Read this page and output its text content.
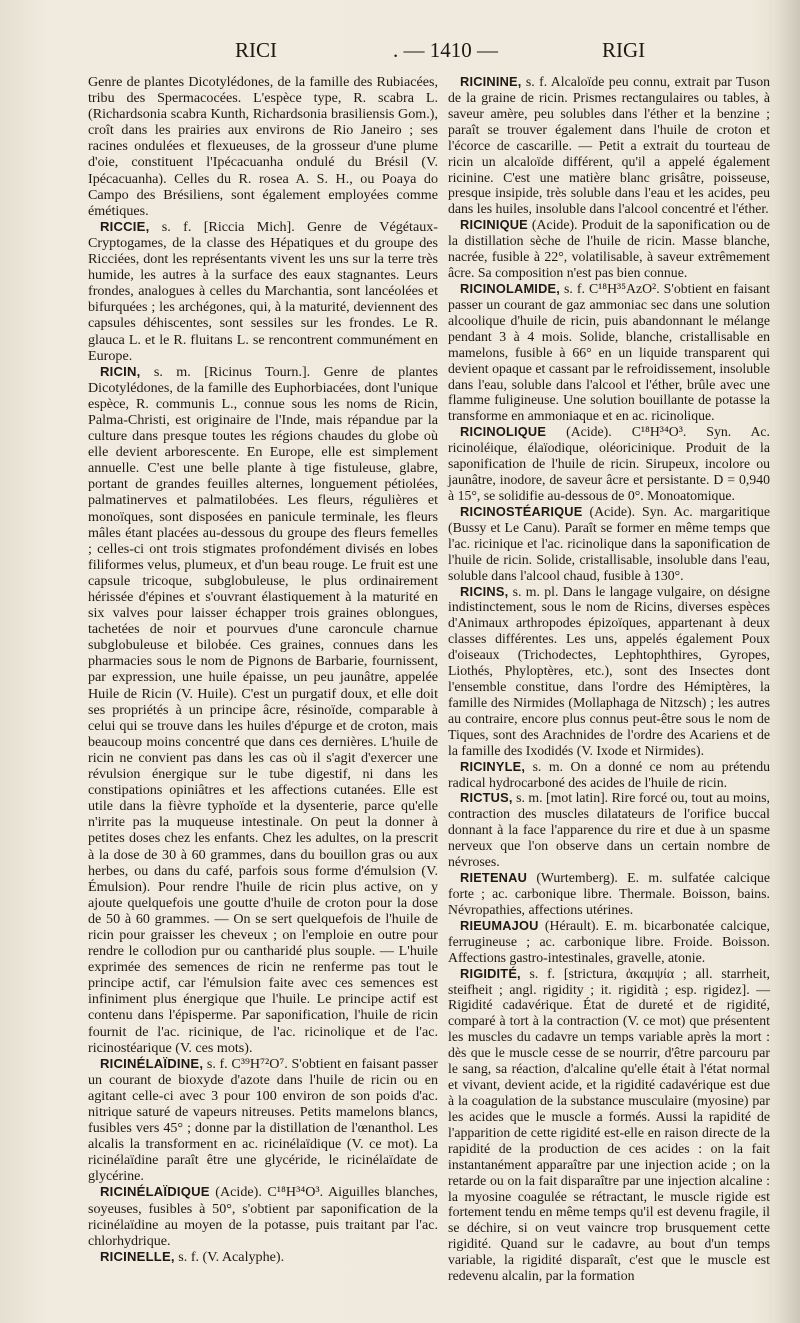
RICI	. — 1410 —	RIGI

Genre de plantes Dicotylédones, de la famille des Rubiacées, tribu des Spermacocées. L'espèce type, R. scabra L. (Richardsonia scabra Kunth, Richardsonia brasiliensis Gom.), croît dans les prairies aux environs de Rio Janeiro ; ses racines ondulées et flexueuses, de la grosseur d'une plume d'oie, constituent l'Ipécacuanha ondulé du Brésil (V. Ipécacuanha). Celles du R. rosea A. S. H., ou Poaya do Campo des Brésiliens, sont également employées comme émétiques.

RICCIE, s. f. [Riccia Mich]. Genre de Végétaux-Cryptogames, de la classe des Hépatiques et du groupe des Ricciées, dont les représentants vivent les uns sur la terre très humide, les autres à la surface des eaux stagnantes. Leurs frondes, analogues à celles du Marchantia, sont lancéolées et bifurquées ; les archégones, qui, à la maturité, deviennent des capsules déhiscentes, sont sessiles sur les frondes. Le R. glauca L. et le R. fluitans L. se rencontrent communément en Europe.

RICIN, s. m. [Ricinus Tourn.]. Genre de plantes Dicotylédones, de la famille des Euphorbiacées, dont l'unique espèce, R. communis L., connue sous les noms de Ricin, Palma-Christi, est originaire de l'Inde, mais répandue par la culture dans presque toutes les régions chaudes du globe où elle devient arborescente. En Europe, elle est simplement annuelle. C'est une belle plante à tige fistuleuse, glabre, portant de grandes feuilles alternes, longuement pétiolées, palmatinerves et palmatilobées. Les fleurs, régulières et monoïques, sont disposées en panicule terminale, les fleurs mâles étant placées au-dessous du groupe des fleurs femelles ; celles-ci ont trois stigmates profondément divisés en lobes filiformes velus, plumeux, et d'un beau rouge. Le fruit est une capsule tricoque, subglobuleuse, le plus ordinairement hérissée d'épines et s'ouvrant élastiquement à la maturité en six valves pour laisser échapper trois graines oblongues, tachetées de noir et pourvues d'une caroncule charnue subglobuleuse et bilobée. Ces graines, connues dans les pharmacies sous le nom de Pignons de Barbarie, fournissent, par expression, une huile épaisse, un peu jaunâtre, appelée Huile de Ricin (V. Huile). C'est un purgatif doux, et elle doit ses propriétés à un principe âcre, résinoïde, comparable à celui qui se trouve dans les huiles d'épurge et de croton, mais beaucoup moins concentré que dans ces dernières. L'huile de ricin ne convient pas dans les cas où il s'agit d'exercer une révulsion énergique sur le tube digestif, ni dans les constipations opiniâtres et les affections cutanées. Elle est utile dans la fièvre typhoïde et la dysenterie, parce qu'elle n'irrite pas la muqueuse intestinale. On peut la donner à petites doses chez les enfants. Chez les adultes, on la prescrit à la dose de 30 à 60 grammes, dans du bouillon gras ou aux herbes, ou dans du café, parfois sous forme d'émulsion (V. Émulsion). Pour rendre l'huile de ricin plus active, on y ajoute quelquefois une goutte d'huile de croton pour la dose de 50 à 60 grammes. — On se sert quelquefois de l'huile de ricin pour graisser les cheveux ; on l'emploie en outre pour rendre le collodion pur ou cantharidé plus souple. — L'huile exprimée des semences de ricin ne renferme pas tout le principe actif, car l'émulsion faite avec ces semences est infiniment plus énergique que l'huile. Le principe actif est contenu dans l'épisperme. Par saponification, l'huile de ricin fournit de l'ac. ricinique, de l'ac. ricinolique et de l'ac. ricinostéarique (V. ces mots).

RICINÉLAÏDINE, s. f. C³⁹H⁷²O⁷. S'obtient en faisant passer un courant de bioxyde d'azote dans l'huile de ricin ou en agitant celle-ci avec 3 pour 100 environ de son poids d'ac. nitrique saturé de vapeurs nitreuses. Petits mamelons blancs, fusibles vers 45° ; donne par la distillation de l'œnanthol. Les alcalis la transforment en ac. ricinélaïdique (V. ce mot). La ricinélaïdine paraît être une glycéride, le ricinélaïdate de glycérine.

RICINÉLAÏDIQUE (Acide). C¹⁸H³⁴O³. Aiguilles blanches, soyeuses, fusibles à 50°, s'obtient par saponification de la ricinélaïdine au moyen de la potasse, puis traitant par l'ac. chlorhydrique.

RICINELLE, s. f. (V. Acalyphe).

RICININE, s. f. Alcaloïde peu connu, extrait par Tuson de la graine de ricin. Prismes rectangulaires ou tables, à saveur amère, peu solubles dans l'éther et la benzine ; paraît se trouver également dans l'huile de croton et l'écorce de cascarille. — Petit a extrait du tourteau de ricin un alcaloïde différent, qu'il a appelé également ricinine. C'est une matière blanc grisâtre, poisseuse, presque insipide, très soluble dans l'eau et les acides, peu dans les huiles, insoluble dans l'alcool concentré et l'éther.

RICINIQUE (Acide). Produit de la saponification ou de la distillation sèche de l'huile de ricin. Masse blanche, nacrée, fusible à 22°, volatilisable, à saveur extrêmement âcre. Sa composition n'est pas bien connue.

RICINOLAMIDE, s. f. C¹⁸H³⁵AzO². S'obtient en faisant passer un courant de gaz ammoniac sec dans une solution alcoolique d'huile de ricin, puis abandonnant le mélange pendant 3 à 4 mois. Solide, blanche, cristallisable en mamelons, fusible à 66° en un liquide transparent qui devient opaque et cassant par le refroidissement, insoluble dans l'eau, soluble dans l'alcool et l'éther, brûle avec une flamme fuligineuse. Une solution bouillante de potasse la transforme en ammoniaque et en ac. ricinolique.

RICINOLIQUE (Acide). C¹⁸H³⁴O³. Syn. Ac. ricinoléique, élaïodique, oléoricinique. Produit de la saponification de l'huile de ricin. Sirupeux, incolore ou jaunâtre, inodore, de saveur âcre et persistante. D = 0,940 à 15°, se solidifie au-dessous de 0°. Monoatomique.

RICINOSTÉARIQUE (Acide). Syn. Ac. margaritique (Bussy et Le Canu). Paraît se former en même temps que l'ac. ricinique et l'ac. ricinolique dans la saponification de l'huile de ricin. Solide, cristallisable, insoluble dans l'eau, soluble dans l'alcool chaud, fusible à 130°.

RICINS, s. m. pl. Dans le langage vulgaire, on désigne indistinctement, sous le nom de Ricins, diverses espèces d'Animaux arthropodes épizoïques, appartenant à deux classes différentes. Les uns, appelés également Poux d'oiseaux (Trichodectes, Lephtophthires, Gyropes, Liothés, Phyloptères, etc.), sont des Insectes dont l'ensemble constitue, dans l'ordre des Hémiptères, la famille des Nirmides (Mollaphaga de Nitzsch) ; les autres au contraire, encore plus connus peut-être sous le nom de Tiques, sont des Arachnides de l'ordre des Acariens et de la famille des Ixodidés (V. Ixode et Nirmides).

RICINYLE, s. m. On a donné ce nom au prétendu radical hydrocarboné des acides de l'huile de ricin.

RICTUS, s. m. [mot latin]. Rire forcé ou, tout au moins, contraction des muscles dilatateurs de l'orifice buccal donnant à la face l'apparence du rire et due à un spasme nerveux que l'on observe dans un certain nombre de névroses.

RIETENAU (Wurtemberg). E. m. sulfatée calcique forte ; ac. carbonique libre. Thermale. Boisson, bains. Névropathies, affections utérines.

RIEUMAJOU (Hérault). E. m. bicarbonatée calcique, ferrugineuse ; ac. carbonique libre. Froide. Boisson. Affections gastro-intestinales, gravelle, atonie.

RIGIDITÉ, s. f. [strictura, ἀκαμψία ; all. starrheit, steifheit ; angl. rigidity ; it. rigidità ; esp. rigidez]. — Rigidité cadavérique. État de dureté et de rigidité, comparé à tort à la contraction (V. ce mot) que présentent les muscles du cadavre un temps variable après la mort : dès que le muscle cesse de se nourrir, d'être parcouru par le sang, sa réaction, d'alcaline qu'elle était à l'état normal et vivant, devient acide, et la rigidité cadavérique est due à la coagulation de la substance musculaire (myosine) par les acides que le muscle a formés. Aussi la rapidité de l'apparition de cette rigidité est-elle en raison directe de la rapidité de la production de ces acides : on la fait instantanément apparaître par une injection acide ; on la retarde ou on la fait disparaître par une injection alcaline : la myosine coagulée se rétractant, le muscle rigide est fortement tendu en même temps qu'il est devenu fragile, il se déchire, si on veut vaincre trop brusquement cette rigidité. Quand sur le cadavre, au bout d'un temps variable, la rigidité disparaît, c'est que le muscle est redevenu alcalin, par la formation
